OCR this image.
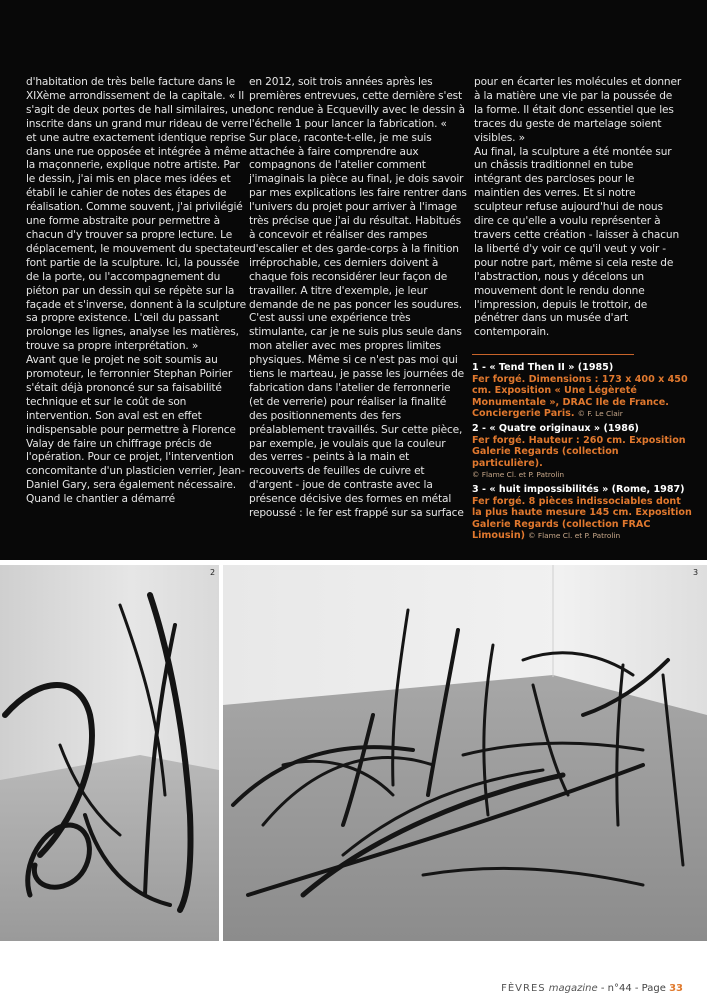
d'habitation de très belle facture dans le XIXème arrondissement de la capitale. « Il s'agit de deux portes de hall similaires, une inscrite dans un grand mur rideau de verre et une autre exactement identique reprise dans une rue opposée et intégrée à même la maçonnerie, explique notre artiste. Par le dessin, j'ai mis en place mes idées et établi le cahier de notes des étapes de réalisation. Comme souvent, j'ai privilégié une forme abstraite pour permettre à chacun d'y trouver sa propre lecture. Le déplacement, le mouvement du spectateur font partie de la sculpture. Ici, la poussée de la porte, ou l'accompagnement du piéton par un dessin qui se répète sur la façade et s'inverse, donnent à la sculpture sa propre existence. L'œil du passant prolonge les lignes, analyse les matières, trouve sa propre interprétation. »

Avant que le projet ne soit soumis au promoteur, le ferronnier Stephan Poirier s'était déjà prononcé sur sa faisabilité technique et sur le coût de son intervention. Son aval est en effet indispensable pour permettre à Florence Valay de faire un chiffrage précis de l'opération. Pour ce projet, l'intervention concomitante d'un plasticien verrier, Jean-Daniel Gary, sera également nécessaire. Quand le chantier a démarré

en 2012, soit trois années après les premières entrevues, cette dernière s'est donc rendue à Ecquevilly avec le dessin à l'échelle 1 pour lancer la fabrication. « Sur place, raconte-t-elle, je me suis attachée à faire comprendre aux compagnons de l'atelier comment j'imaginais la pièce au final, je dois savoir par mes explications les faire rentrer dans l'univers du projet pour arriver à l'image très précise que j'ai du résultat. Habitués à concevoir et réaliser des rampes d'escalier et des garde-corps à la finition irréprochable, ces derniers doivent à chaque fois reconsidérer leur façon de travailler. A titre d'exemple, je leur demande de ne pas poncer les soudures. C'est aussi une expérience très stimulante, car je ne suis plus seule dans mon atelier avec mes propres limites physiques. Même si ce n'est pas moi qui tiens le marteau, je passe les journées de fabrication dans l'atelier de ferronnerie (et de verrerie) pour réaliser la finalité des positionnements des fers préalablement travaillés. Sur cette pièce, par exemple, je voulais que la couleur des verres - peints à la main et recouverts de feuilles de cuivre et d'argent - joue de contraste avec la présence décisive des formes en métal repoussé : le fer est frappé sur sa surface

pour en écarter les molécules et donner à la matière une vie par la poussée de la forme. Il était donc essentiel que les traces du geste de martelage soient visibles. »

Au final, la sculpture a été montée sur un châssis traditionnel en tube intégrant des parcloses pour le maintien des verres. Et si notre sculpteur refuse aujourd'hui de nous dire ce qu'elle a voulu représenter à travers cette création - laisser à chacun la liberté d'y voir ce qu'il veut y voir - pour notre part, même si cela reste de l'abstraction, nous y décelons un mouvement dont le rendu donne l'impression, depuis le trottoir, de pénétrer dans un musée d'art contemporain.

1 - « Tend Then II » (1985)
Fer forgé. Dimensions : 173 x 400 x 450 cm. Exposition « Une Légèreté Monumentale », DRAC Ile de France. Conciergerie Paris. © F. Le Clair
2 - « Quatre originaux » (1986)
Fer forgé. Hauteur : 260 cm. Exposition Galerie Regards (collection particulière).
© Flame Cl. et P. Patrolin
3 - « huit impossibilités » (Rome, 1987)
Fer forgé. 8 pièces indissociables dont la plus haute mesure 145 cm. Exposition Galerie Regards (collection FRAC Limousin) © Flame Cl. et P. Patrolin
2	3
FÈVRES magazine - n°44 - Page 33
